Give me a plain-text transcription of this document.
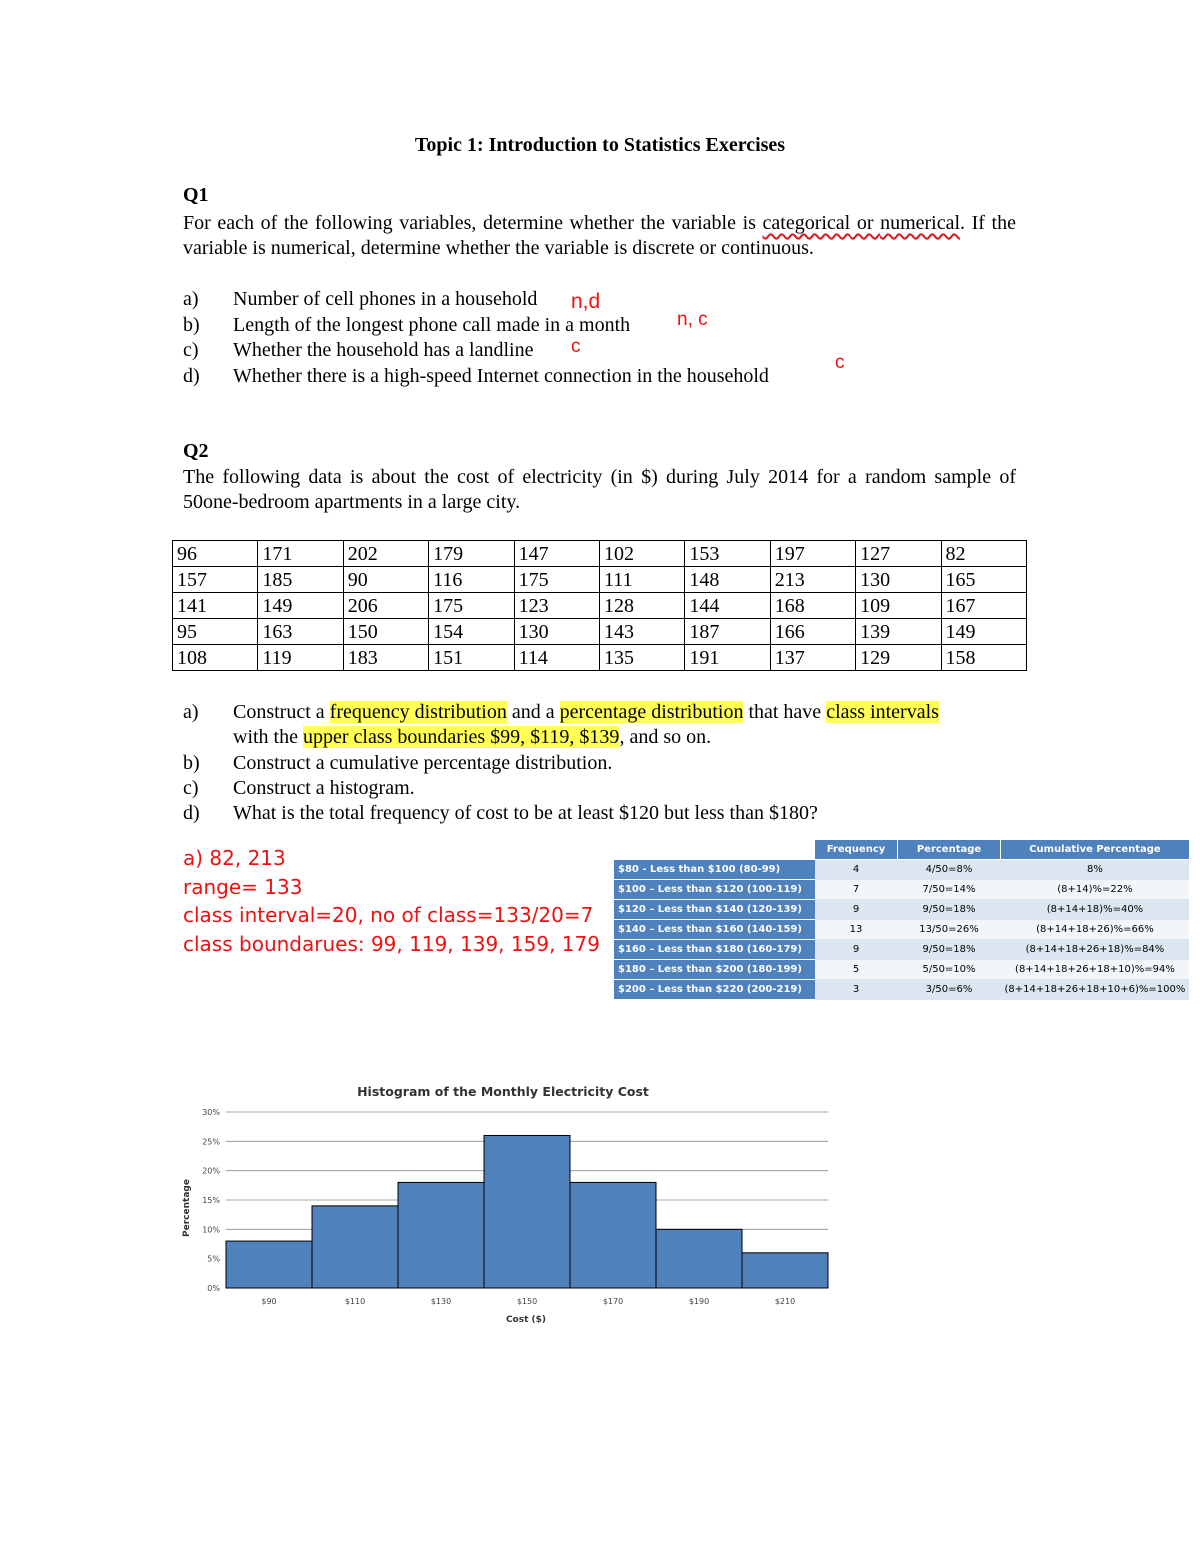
Topic 1: Introduction to Statistics Exercises
Q1
For each of the following variables, determine whether the variable is categorical or numerical. If the variable is numerical, determine whether the variable is discrete or continuous.
a) Number of cell phones in a household n,d
b) Length of the longest phone call made in a month n, c
c) Whether the household has a landline c
d) Whether there is a high-speed Internet connection in the household
c
Q2
The following data is about the cost of electricity (in $) during July 2014 for a random sample of 50one-bedroom apartments in a large city.
96	171	202	179	147	102	153	197	127	82
157	185	90	116	175	111	148	213	130	165
141	149	206	175	123	128	144	168	109	167
95	163	150	154	130	143	187	166	139	149
108	119	183	151	114	135	191	137	129	158
a) Construct a frequency distribution and a percentage distribution that have class intervals
with the upper class boundaries $99, $119, $139, and so on.
b) Construct a cumulative percentage distribution.
c) Construct a histogram.
d) What is the total frequency of cost to be at least $120 but less than $180?
a) 82, 213
range= 133
class interval=20, no of class=133/20=7
class boundarues: 99, 119, 139, 159, 179
	Frequency	Percentage	Cumulative Percentage
$80 - Less than $100 (80-99)	4	4/50=8%	8%
$100 – Less than $120 (100-119)	7	7/50=14%	(8+14)%=22%
$120 – Less than $140 (120-139)	9	9/50=18%	(8+14+18)%=40%
$140 – Less than $160 (140-159)	13	13/50=26%	(8+14+18+26)%=66%
$160 – Less than $180 (160-179)	9	9/50=18%	(8+14+18+26+18)%=84%
$180 – Less than $200 (180-199)	5	5/50=10%	(8+14+18+26+18+10)%=94%
$200 – Less than $220 (200-219)	3	3/50=6%	(8+14+18+26+18+10+6)%=100%
Histogram of the Monthly Electricity Cost
Percentage
Cost ($)
0%
5%
10%
15%
20%
25%
30%
$90	$110	$130	$150	$170	$190	$210
